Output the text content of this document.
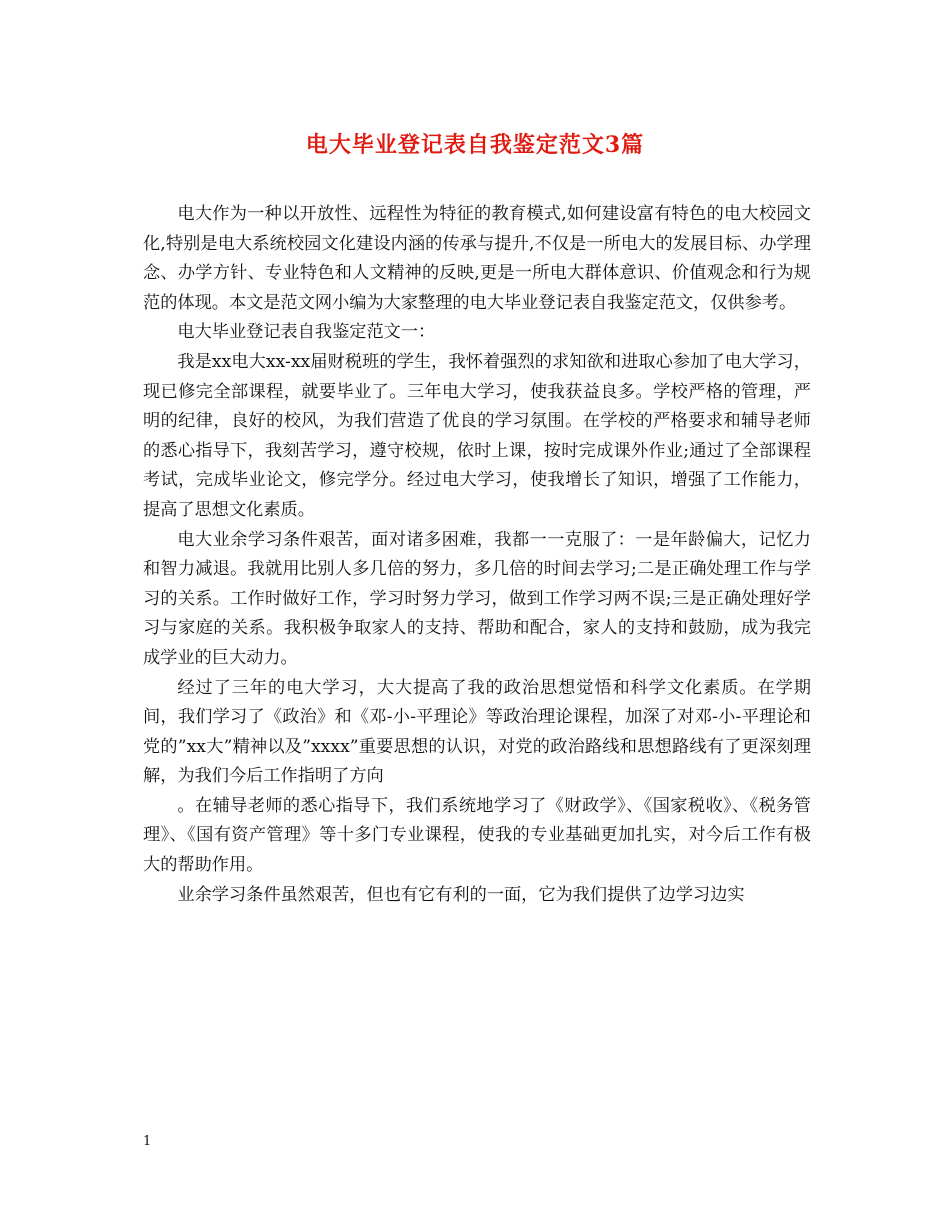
电大毕业登记表自我鉴定范文3篇

电大作为一种以开放性、远程性为特征的教育模式,如何建设富有特色的电大校园文化,特别是电大系统校园文化建设内涵的传承与提升,不仅是一所电大的发展目标、办学理念、办学方针、专业特色和人文精神的反映,更是一所电大群体意识、价值观念和行为规范的体现。本文是范文网小编为大家整理的电大毕业登记表自我鉴定范文，仅供参考。

电大毕业登记表自我鉴定范文一：

我是xx电大xx-xx届财税班的学生，我怀着强烈的求知欲和进取心参加了电大学习，现已修完全部课程，就要毕业了。三年电大学习，使我获益良多。学校严格的管理，严明的纪律，良好的校风，为我们营造了优良的学习氛围。在学校的严格要求和辅导老师的悉心指导下，我刻苦学习，遵守校规，依时上课，按时完成课外作业;通过了全部课程考试，完成毕业论文，修完学分。经过电大学习，使我增长了知识，增强了工作能力，提高了思想文化素质。

电大业余学习条件艰苦，面对诸多困难，我都一一克服了：一是年龄偏大，记忆力和智力减退。我就用比别人多几倍的努力，多几倍的时间去学习;二是正确处理工作与学习的关系。工作时做好工作，学习时努力学习，做到工作学习两不误;三是正确处理好学习与家庭的关系。我积极争取家人的支持、帮助和配合，家人的支持和鼓励，成为我完成学业的巨大动力。

经过了三年的电大学习，大大提高了我的政治思想觉悟和科学文化素质。在学期间，我们学习了《政治》和《邓-小-平理论》等政治理论课程，加深了对邓-小-平理论和党的”xx大”精神以及”xxxx”重要思想的认识，对党的政治路线和思想路线有了更深刻理解，为我们今后工作指明了方向

。在辅导老师的悉心指导下，我们系统地学习了《财政学》、《国家税收》、《税务管理》、《国有资产管理》等十多门专业课程，使我的专业基础更加扎实，对今后工作有极大的帮助作用。

业余学习条件虽然艰苦，但也有它有利的一面，它为我们提供了边学习边实

1
